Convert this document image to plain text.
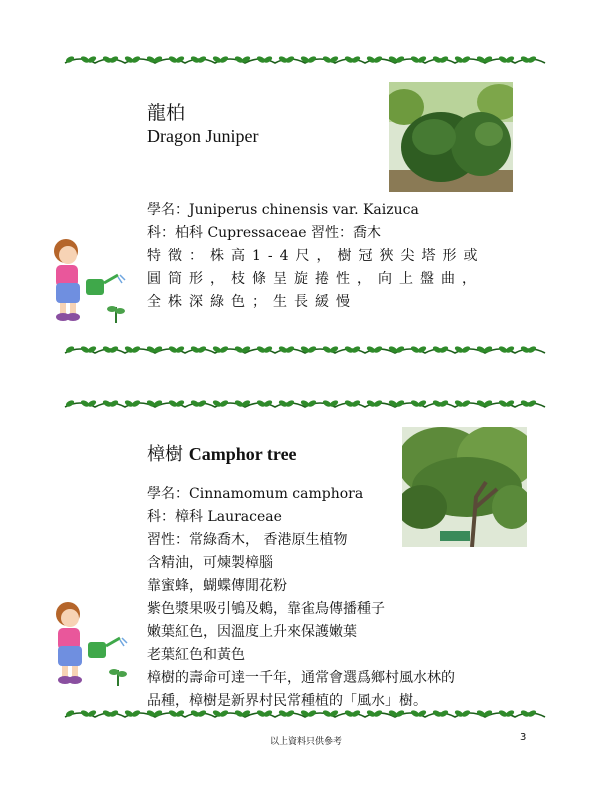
龍柏
Dragon Juniper
學名：Juniperus chinensis var. Kaizuca
科：柏科 Cupressaceae 習性：喬木
特徵：株高1-4尺，樹冠狹尖塔形或
圓筒形，枝條呈旋捲性，向上盤曲，
全株深綠色；生長緩慢
樟樹 Camphor tree
學名：Cinnamomum camphora
科：樟科 Lauraceae
習性：常綠喬木， 香港原生植物
含精油，可煉製樟腦
靠蜜蜂，蝴蝶傳閒花粉
紫色漿果吸引鴝及鶇，靠雀鳥傳播種子
嫩葉紅色，因溫度上升來保護嫩葉
老葉紅色和黃色
樟樹的壽命可達一千年，通常會選爲鄉村風水林的
品種，樟樹是新界村民常種植的「風水」樹。
以上資料只供參考	3
